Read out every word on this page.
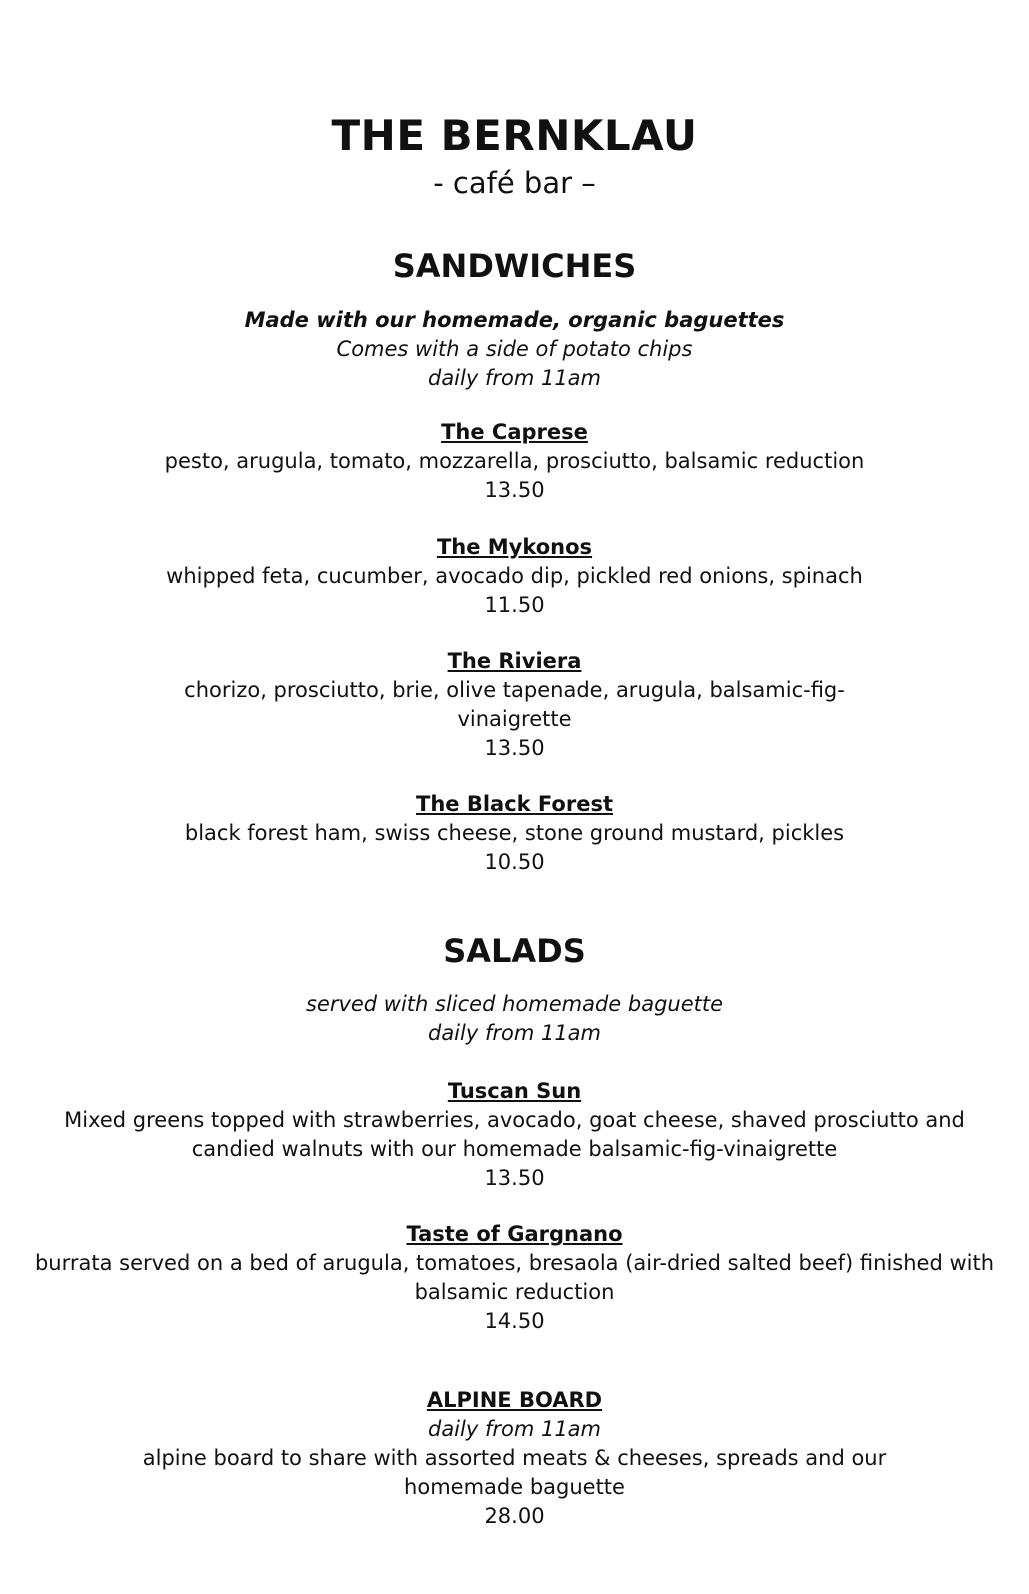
THE BERNKLAU
- café bar –
SANDWICHES
Made with our homemade, organic baguettes
Comes with a side of potato chips
daily from 11am
The Caprese
pesto, arugula, tomato, mozzarella, prosciutto, balsamic reduction
13.50
The Mykonos
whipped feta, cucumber, avocado dip, pickled red onions, spinach
11.50
The Riviera
chorizo, prosciutto, brie, olive tapenade, arugula, balsamic-fig-vinaigrette
13.50
The Black Forest
black forest ham, swiss cheese, stone ground mustard, pickles
10.50
SALADS
served with sliced homemade baguette
daily from 11am
Tuscan Sun
Mixed greens topped with strawberries, avocado, goat cheese, shaved prosciutto and candied walnuts with our homemade balsamic-fig-vinaigrette
13.50
Taste of Gargnano
burrata served on a bed of arugula, tomatoes, bresaola (air-dried salted beef) finished with balsamic reduction
14.50
ALPINE BOARD
daily from 11am
alpine board to share with assorted meats & cheeses, spreads and our homemade baguette
28.00
